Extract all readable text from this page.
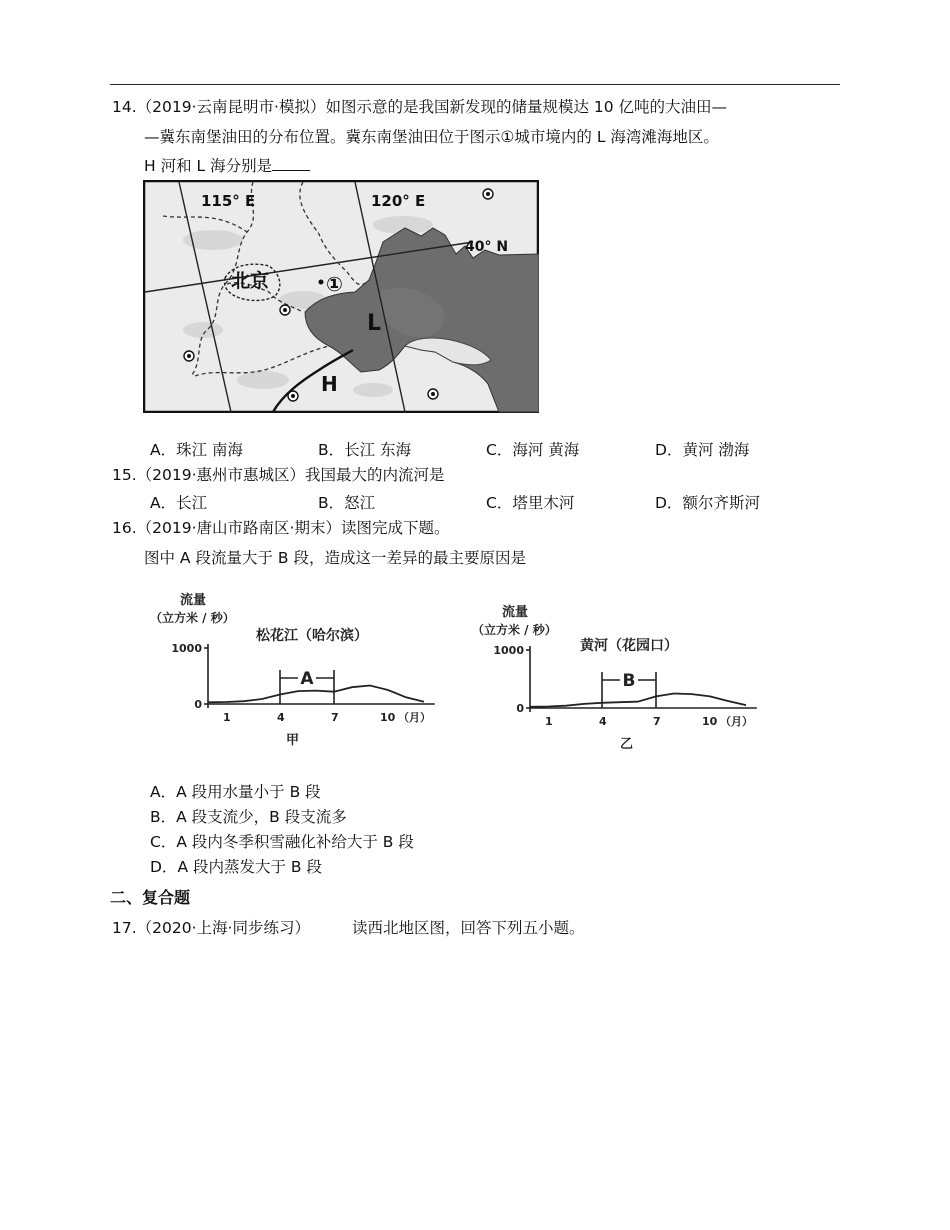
14.（2019·云南昆明市·模拟）如图示意的是我国新发现的储量规模达 10 亿吨的大油田—
—冀东南堡油田的分布位置。冀东南堡油田位于图示①城市境内的 L 海湾滩海地区。
H 河和 L 海分别是
115° E	120° E
40° N
北京	①
L
H
A．珠江 南海	B．长江 东海	C．海河 黄海	D．黄河 渤海
15.（2019·惠州市惠城区）我国最大的内流河是
A．长江	B．怒江	C．塔里木河	D．额尔齐斯河
16.（2019·唐山市路南区·期末）读图完成下题。
图中 A 段流量大于 B 段，造成这一差异的最主要原因是
流量
（立方米 / 秒）
松花江（哈尔滨）
1000
0
1	4	7	10 （月）
A
甲
流量
（立方米 / 秒）
黄河（花园口）
1000
0
1	4	7	10 （月）
B
乙
A．A 段用水量小于 B 段
B．A 段支流少，B 段支流多
C．A 段内冬季积雪融化补给大于 B 段
D．A 段内蒸发大于 B 段
二、复合题
17.（2020·上海·同步练习）	读西北地区图，回答下列五小题。
